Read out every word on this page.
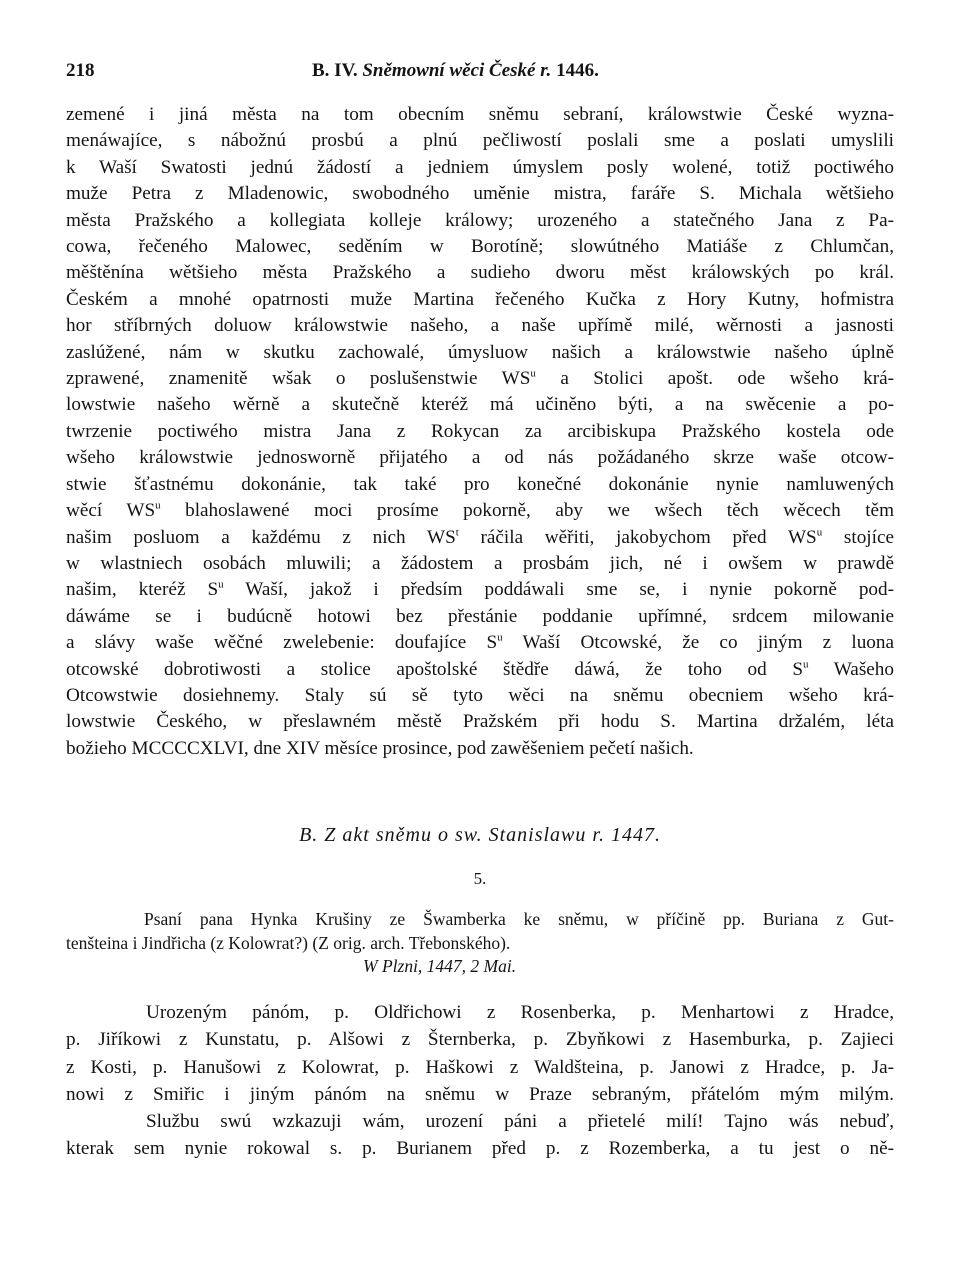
218	B. IV. Sněmowní wěci České r. 1446.
zemené i jiná města na tom obecním sněmu sebraní, králowstwie České wyzna-
menáwajíce, s nábožnú prosbú a plnú pečliwostí poslali sme a poslati umyslili
k Waší Swatosti jednú žádostí a jedniem úmyslem posly wolené, totiž poctiwého
muže Petra z Mladenowic, swobodného uměnie mistra, faráře S. Michala wětšieho
města Pražského a kollegiata kolleje králowy; urozeného a statečného Jana z Pa-
cowa, řečeného Malowec, seděním w Borotíně; slowútného Matiáše z Chlumčan,
měštěnína wětšieho města Pražského a sudieho dworu měst králowských po král.
Českém a mnohé opatrnosti muže Martina řečeného Kučka z Hory Kutny, hofmistra
hor stříbrných doluow králowstwie našeho, a naše upřímě milé, wěrnosti a jasnosti
zaslúžené, nám w skutku zachowalé, úmysluow našich a králowstwie našeho úplně
zprawené, znamenitě wšak o poslušenstwie $WS^u$ a Stolici apošt. ode wšeho krá-
lowstwie našeho wěrně a skutečně kteréž má učiněno býti, a na swěcenie a po-
twrzenie poctiwého mistra Jana z Rokycan za arcibiskupa Pražského kostela ode
wšeho králowstwie jednosworně přijatého a od nás požádaného skrze waše otcow-
stwie šťastnému dokonánie, tak také pro konečné dokonánie nynie namluwených
wěcí $WS^u$ blahoslawené moci prosíme pokorně, aby we wšech těch wěcech těm
našim posluom a každému z nich $WS^t$ ráčila wěřiti, jakobychom před $WS^u$ stojíce
w wlastniech osobách mluwili; a žádostem a prosbám jich, né i owšem w prawdě
našim, kteréž $S^u$ Waší, jakož i předsím poddáwali sme se, i nynie pokorně pod-
dáwáme se i budúcně hotowi bez přestánie poddanie upřímné, srdcem milowanie
a slávy waše wěčné zwelebenie: doufajíce $S^u$ Waší Otcowské, že co jiným z luona
otcowské dobrotiwosti a stolice apoštolské štědře dáwá, že toho od $S^u$ Wašeho
Otcowstwie dosiehnemy. Staly sú sě tyto wěci na sněmu obecniem wšeho krá-
lowstwie Českého, w přeslawném městě Pražském při hodu S. Martina držalém, léta
božieho MCCCCXLVI, dne XIV měsíce prosince, pod zawěšeniem pečetí našich.
B. Z akt sněmu o sw. Stanislawu r. 1447.
5.
Psaní pana Hynka Krušiny ze Šwamberka ke sněmu, w příčině pp. Buriana z Gut-
tenšteina i Jindřicha (z Kolowrat?) (Z orig. arch. Třebonského).
W Plzni, 1447, 2 Mai.
Urozeným pánóm, p. Oldřichowi z Rosenberka, p. Menhartowi z Hradce,
p. Jiříkowi z Kunstatu, p. Alšowi z Šternberka, p. Zbyňkowi z Hasemburka, p. Zajieci
z Kosti, p. Hanušowi z Kolowrat, p. Haškowi z Waldšteina, p. Janowi z Hradce, p. Ja-
nowi z Smiřic i jiným pánóm na sněmu w Praze sebraným, přátelóm mým milým.
Službu swú wzkazuji wám, urození páni a přietelé milí! Tajno wás nebuď,
kterak sem nynie rokowal s. p. Burianem před p. z Rozemberka, a tu jest o ně-
